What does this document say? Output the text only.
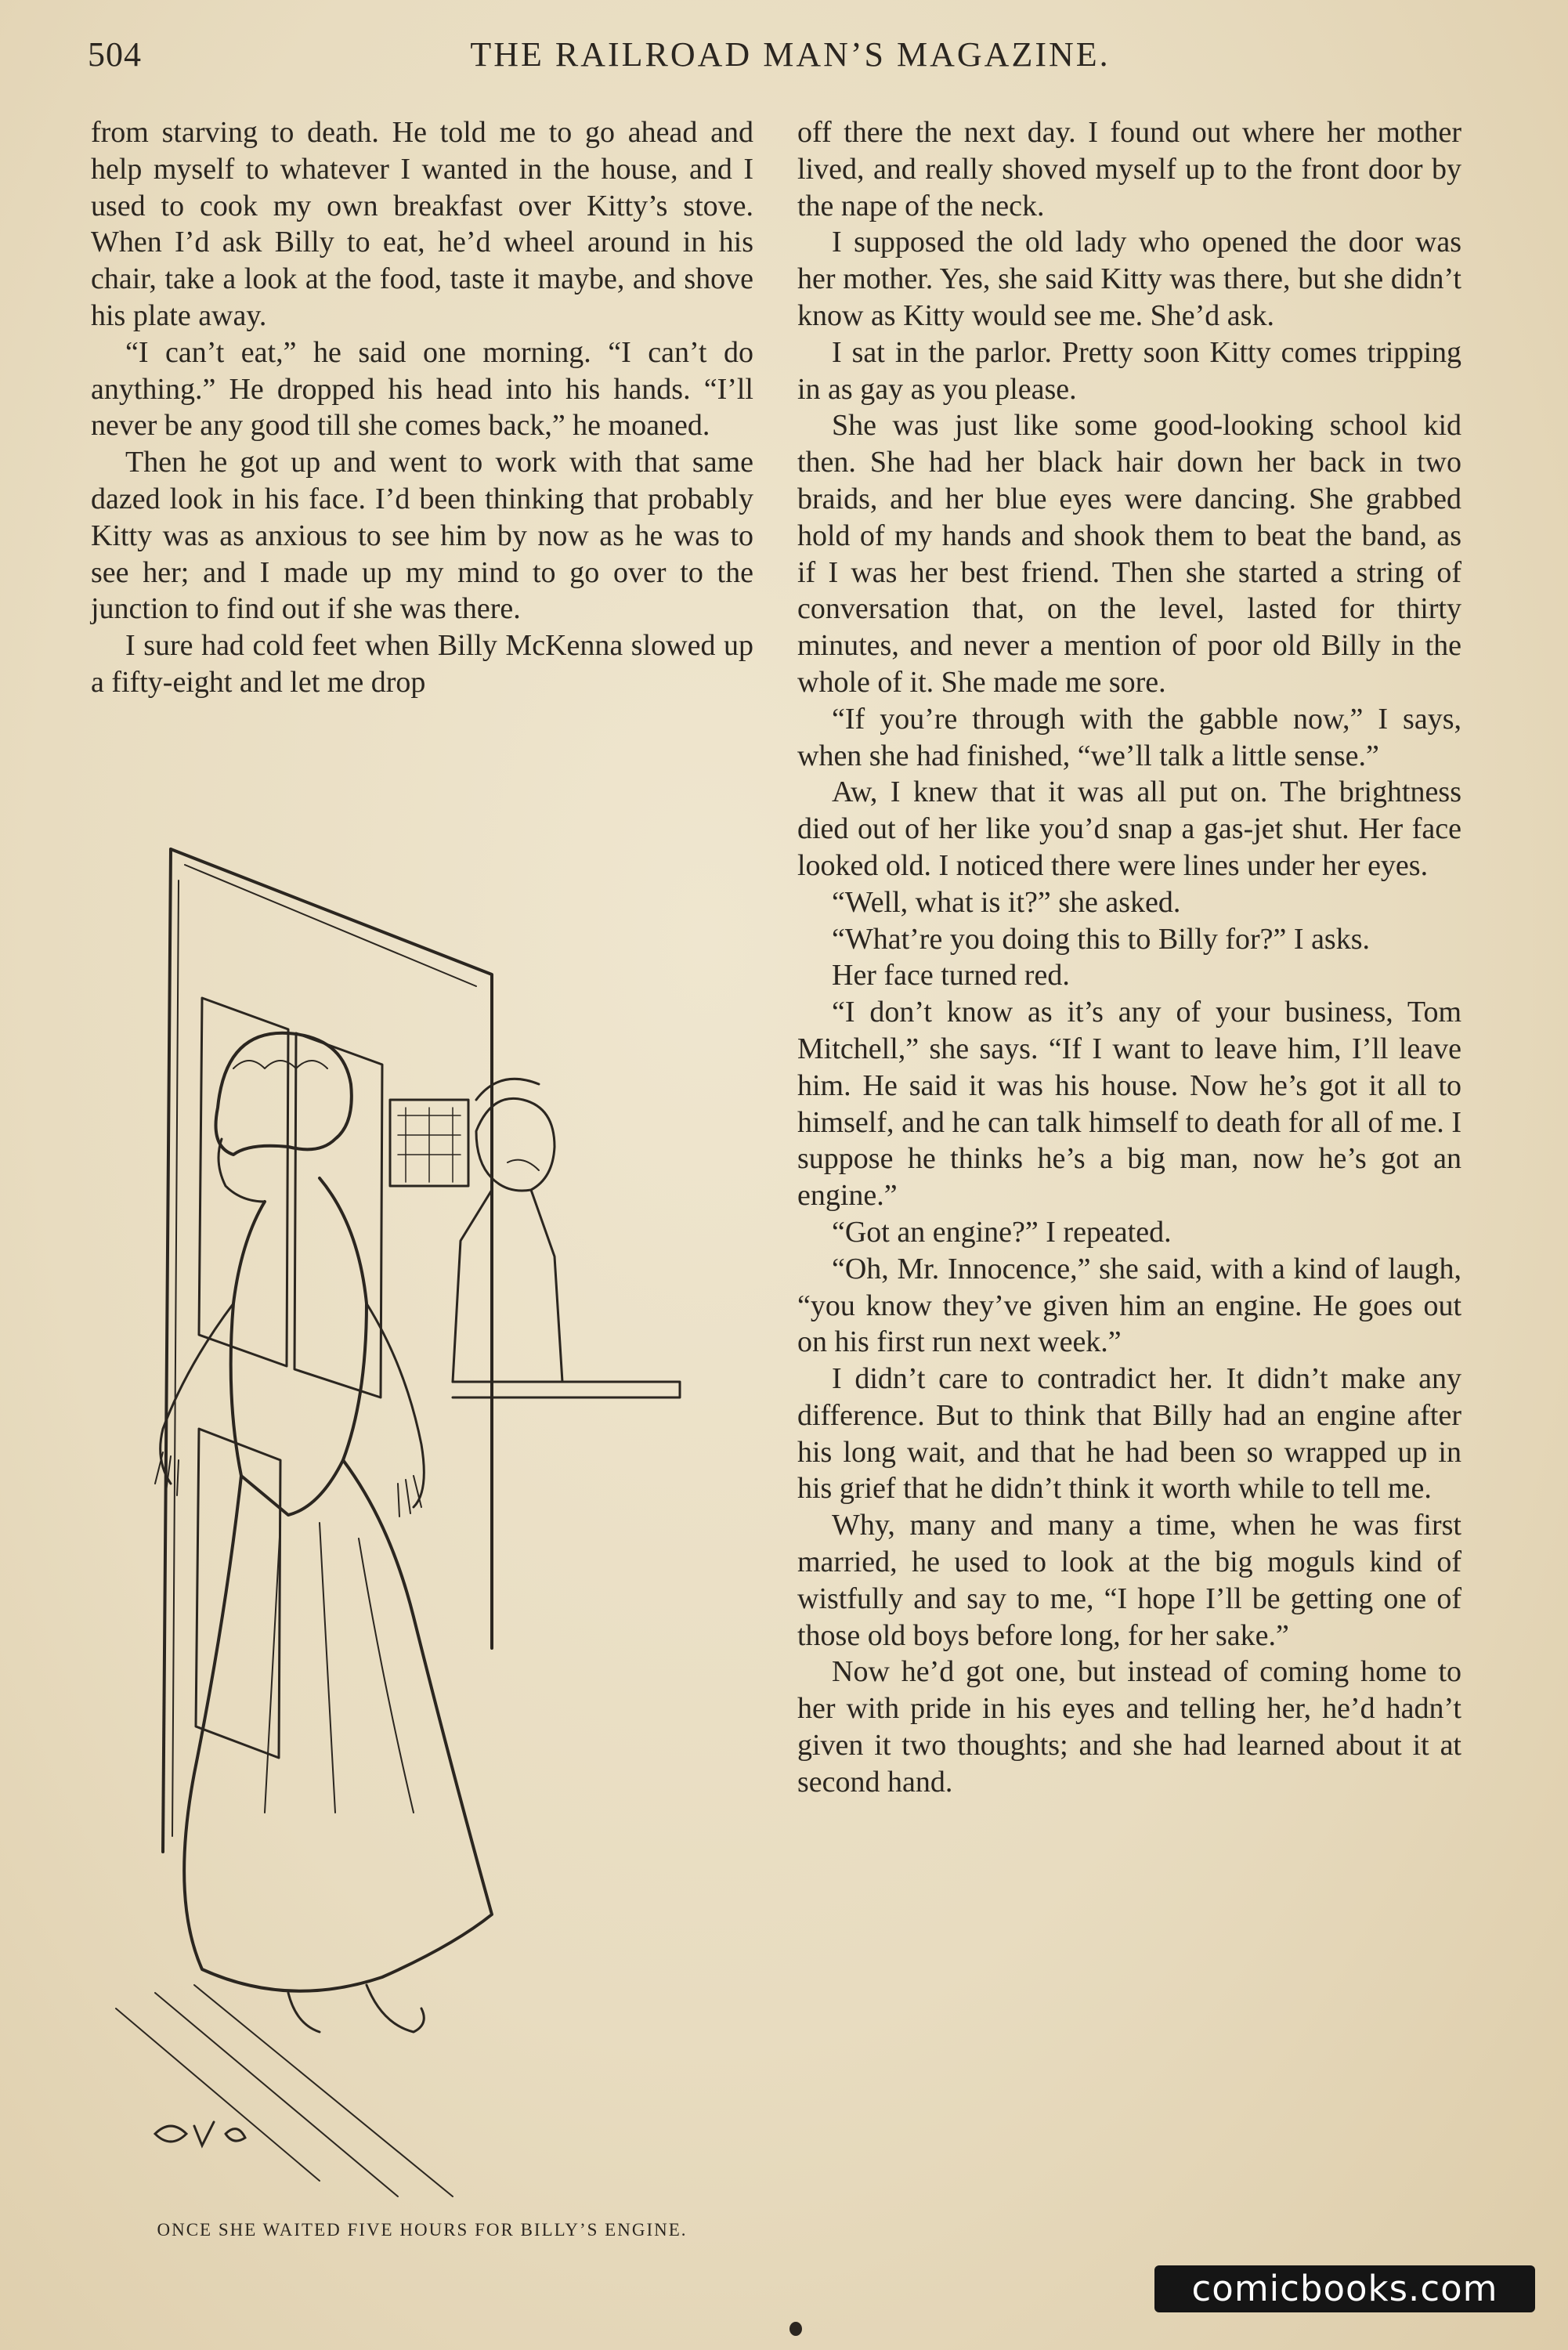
504	THE RAILROAD MAN’S MAGAZINE.

from starving to death. He told me to go ahead and help myself to whatever I wanted in the house, and I used to cook my own breakfast over Kitty’s stove. When I’d ask Billy to eat, he’d wheel around in his chair, take a look at the food, taste it maybe, and shove his plate away.

“I can’t eat,” he said one morning. “I can’t do anything.” He dropped his head into his hands. “I’ll never be any good till she comes back,” he moaned.

Then he got up and went to work with that same dazed look in his face. I’d been thinking that probably Kitty was as anxious to see him by now as he was to see her; and I made up my mind to go over to the junction to find out if she was there.

I sure had cold feet when Billy McKenna slowed up a fifty-eight and let me drop

off there the next day. I found out where her mother lived, and really shoved myself up to the front door by the nape of the neck.

I supposed the old lady who opened the door was her mother. Yes, she said Kitty was there, but she didn’t know as Kitty would see me. She’d ask.

I sat in the parlor. Pretty soon Kitty comes tripping in as gay as you please.

She was just like some good-looking school kid then. She had her black hair down her back in two braids, and her blue eyes were dancing. She grabbed hold of my hands and shook them to beat the band, as if I was her best friend. Then she started a string of conversation that, on the level, lasted for thirty minutes, and never a mention of poor old Billy in the whole of it. She made me sore.

“If you’re through with the gabble now,” I says, when she had finished, “we’ll talk a little sense.”

Aw, I knew that it was all put on. The brightness died out of her like you’d snap a gas-jet shut. Her face looked old. I noticed there were lines under her eyes.

“Well, what is it?” she asked.

“What’re you doing this to Billy for?” I asks.

Her face turned red.

“I don’t know as it’s any of your business, Tom Mitchell,” she says. “If I want to leave him, I’ll leave him. He said it was his house. Now he’s got it all to himself, and he can talk himself to death for all of me. I suppose he thinks he’s a big man, now he’s got an engine.”

“Got an engine?” I repeated.

“Oh, Mr. Innocence,” she said, with a kind of laugh, “you know they’ve given him an engine. He goes out on his first run next week.”

I didn’t care to contradict her. It didn’t make any difference. But to think that Billy had an engine after his long wait, and that he had been so wrapped up in his grief that he didn’t think it worth while to tell me.

Why, many and many a time, when he was first married, he used to look at the big moguls kind of wistfully and say to me, “I hope I’ll be getting one of those old boys before long, for her sake.”

Now he’d got one, but instead of coming home to her with pride in his eyes and telling her, he’d hadn’t given it two thoughts; and she had learned about it at second hand.

ONCE SHE WAITED FIVE HOURS FOR BILLY’S ENGINE.
comicbooks.com
